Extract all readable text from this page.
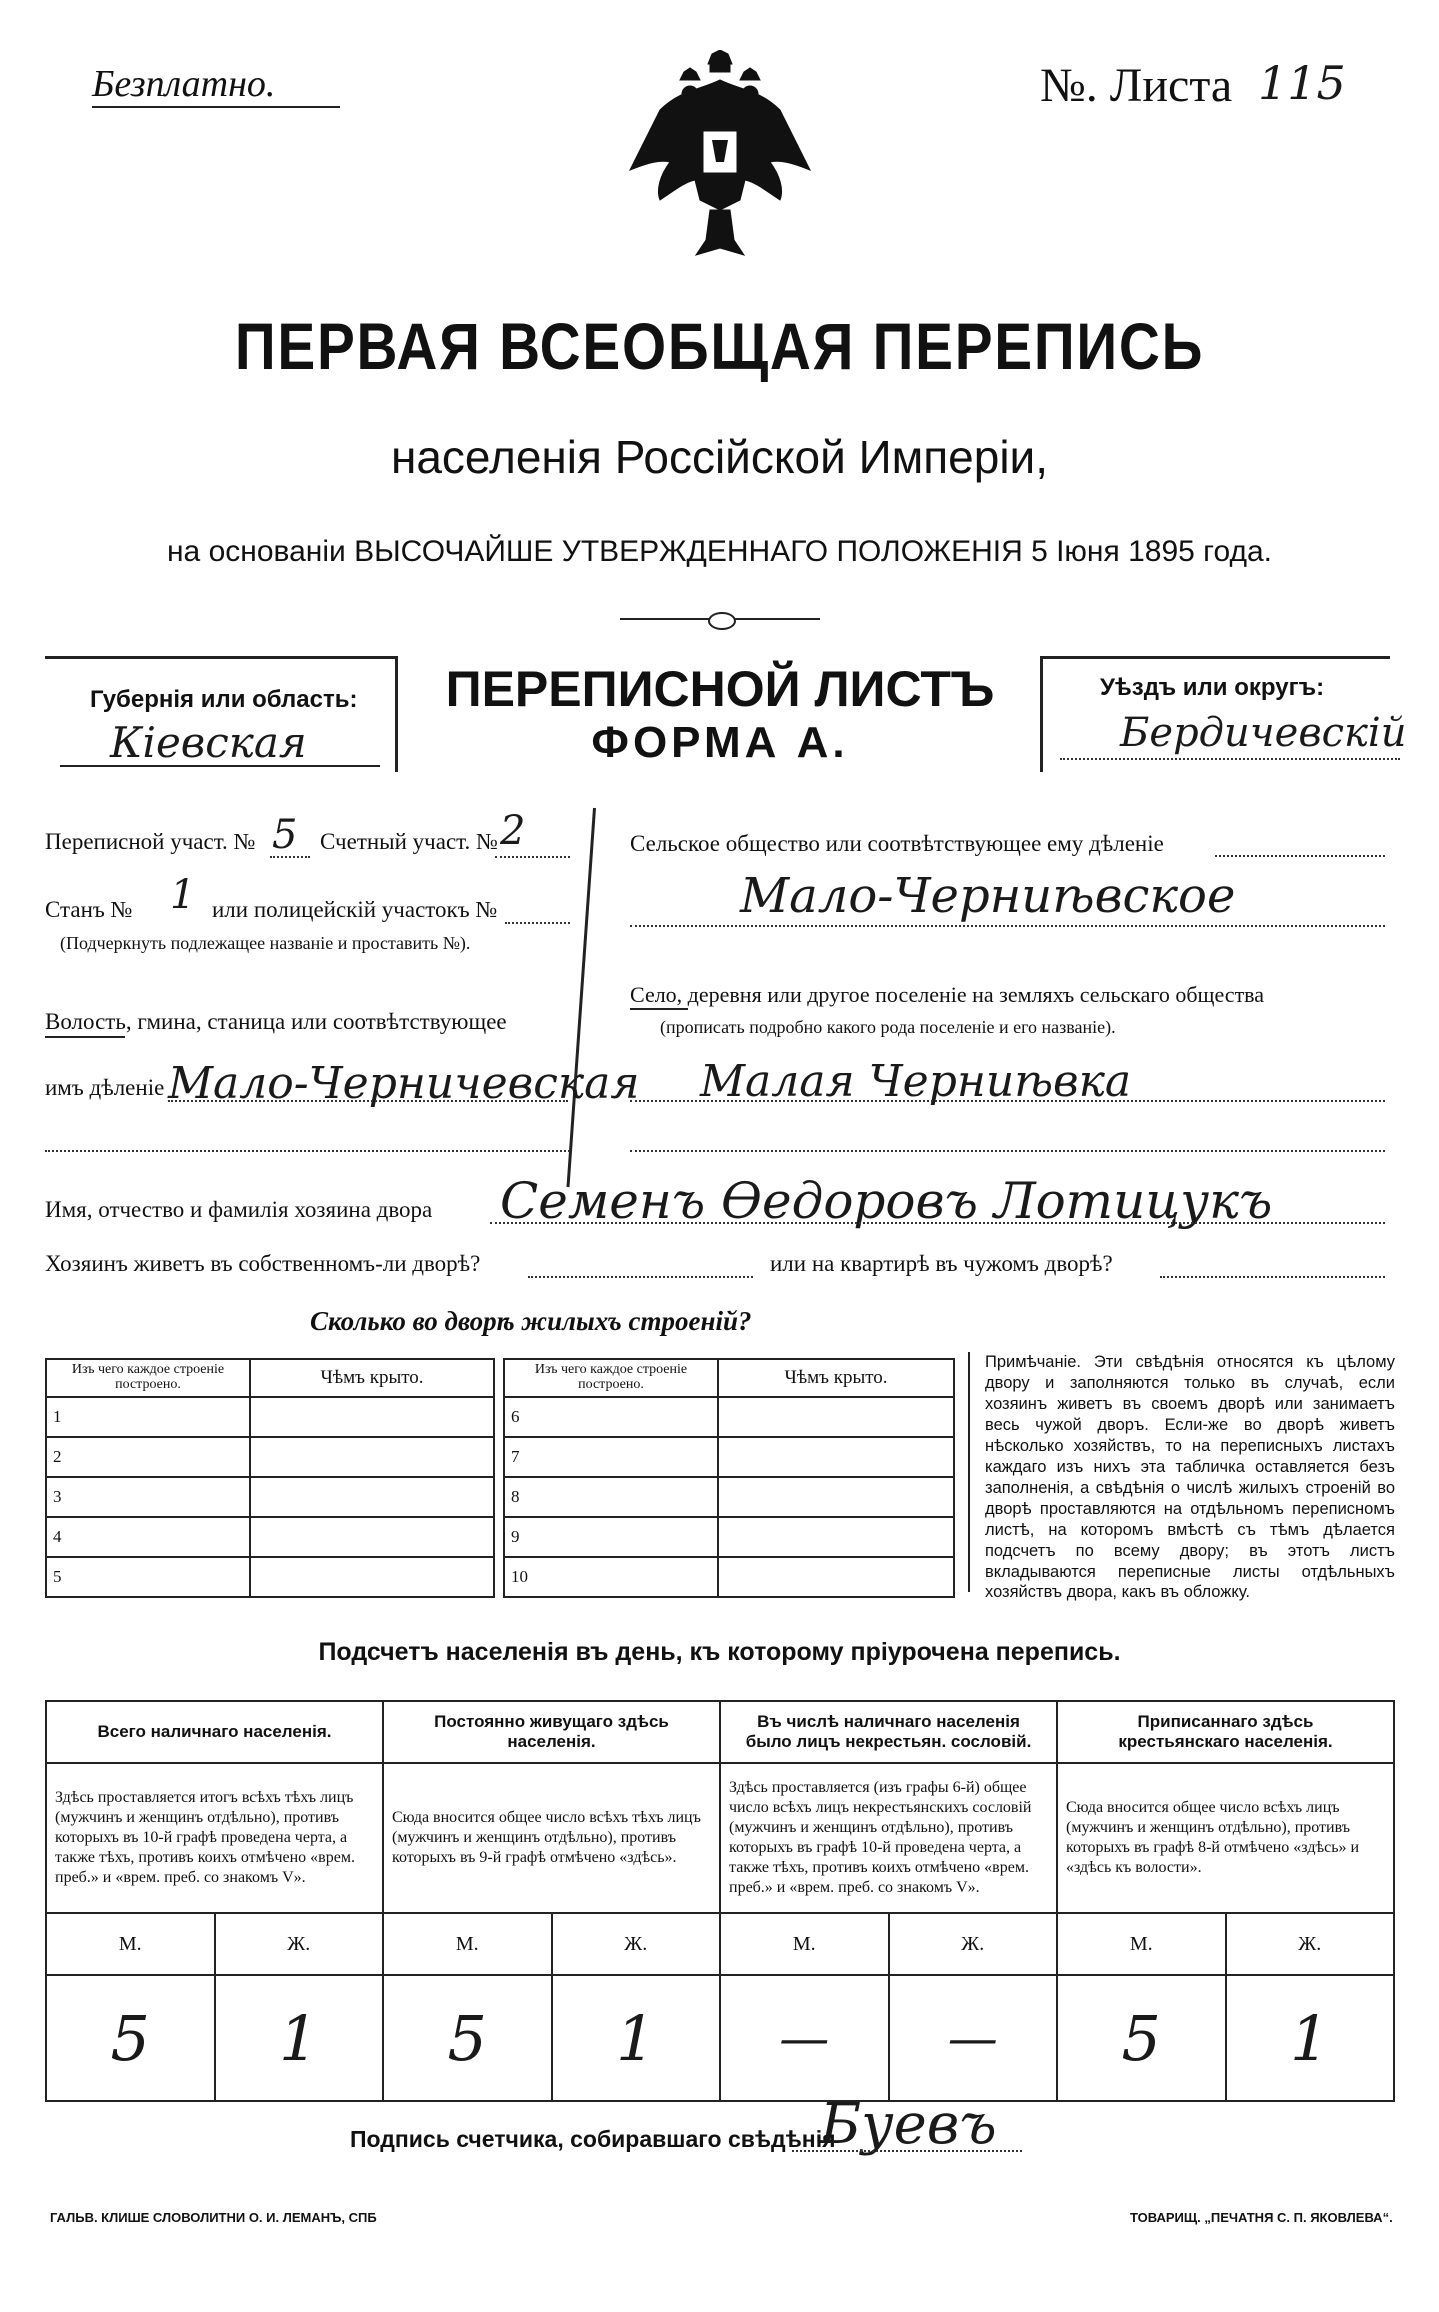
Безплатно.	№. Листа 115
ПЕРВАЯ ВСЕОБЩАЯ ПЕРЕПИСЬ
населенія Россійской Имперіи,
на основаніи ВЫСОЧАЙШЕ УТВЕРЖДЕННАГО ПОЛОЖЕНІЯ 5 Іюня 1895 года.
Губернія или область:
Кіевская
ПЕРЕПИСНОЙ ЛИСТЪ
ФОРМА А.
Уѣздъ или округъ:
Бердичевскій
Переписной участ. № 5 Счетный участ. № 2
Станъ № 1 или полицейскій участокъ №
(Подчеркнуть подлежащее названіе и проставить №).
Волость, гмина, станица или соотвѣтствующее
имъ дѣленіе Мало-Черничевская
Сельское общество или соотвѣтствующее ему дѣленіе
Мало-Черниѣвское
Село, деревня или другое поселеніе на земляхъ сельскаго общества
(прописать подробно какого рода поселеніе и его названіе).
Малая Черниѣвка
Имя, отчество и фамилія хозяина двора Семенъ Ѳедоровъ Лотицукъ
Хозяинъ живетъ въ собственномъ-ли дворѣ?	или на квартирѣ въ чужомъ дворѣ?
Сколько во дворѣ жилыхъ строеній?
Изъ чего каждое строеніе построено.	Чѣмъ крыто.
1	
2	
3	
4	
5	
Изъ чего каждое строеніе построено.	Чѣмъ крыто.
6	
7	
8	
9	
10	
Примѣчаніе. Эти свѣдѣнія относятся къ цѣлому двору и заполняются только въ случаѣ, если хозяинъ живетъ въ своемъ дворѣ или занимаетъ весь чужой дворъ. Если-же во дворѣ живетъ нѣсколько хозяйствъ, то на переписныхъ листахъ каждаго изъ нихъ эта табличка оставляется безъ заполненія, а свѣдѣнія о числѣ жилыхъ строеній во дворѣ проставляются на отдѣльномъ переписномъ листѣ, на которомъ вмѣстѣ съ тѣмъ дѣлается подсчетъ по всему двору; въ этотъ листъ вкладываются переписные листы отдѣльныхъ хозяйствъ двора, какъ въ обложку.
Подсчетъ населенія въ день, къ которому пріурочена перепись.
Всего наличнаго населенія.		Постоянно живущаго здѣсь населенія.		Въ числѣ наличнаго населенія было лицъ некрестьян. сословій.		Приписаннаго здѣсь крестьянскаго населенія.	
Здѣсь проставляется итогъ всѣхъ тѣхъ лицъ (мужчинъ и женщинъ отдѣльно), противъ которыхъ въ 10-й графѣ проведена черта, а также тѣхъ, противъ коихъ отмѣчено «врем. преб.» и «врем. преб. со знакомъ V».		Сюда вносится общее число всѣхъ тѣхъ лицъ (мужчинъ и женщинъ отдѣльно), противъ которыхъ въ 9-й графѣ отмѣчено «здѣсь».		Здѣсь проставляется (изъ графы 6-й) общее число всѣхъ лицъ некрестьянскихъ сословій (мужчинъ и женщинъ отдѣльно), противъ которыхъ въ графѣ 10-й проведена черта, а также тѣхъ, противъ коихъ отмѣчено «врем. преб.» и «врем. преб. со знакомъ V».		Сюда вносится общее число всѣхъ лицъ (мужчинъ и женщинъ отдѣльно), противъ которыхъ въ графѣ 8-й отмѣчено «здѣсь» и «здѣсь къ волости».	
М.	Ж.	М.	Ж.	М.	Ж.	М.	Ж.
5	1	5	1	—	—	5	1
Подпись счетчика, собиравшаго свѣдѣнія
Буевъ
ГАЛЬВ. КЛИШЕ СЛОВОЛИТНИ О. И. ЛЕМАНЪ, СПБ	ТОВАРИЩ. „ПЕЧАТНЯ С. П. ЯКОВЛЕВА“.
